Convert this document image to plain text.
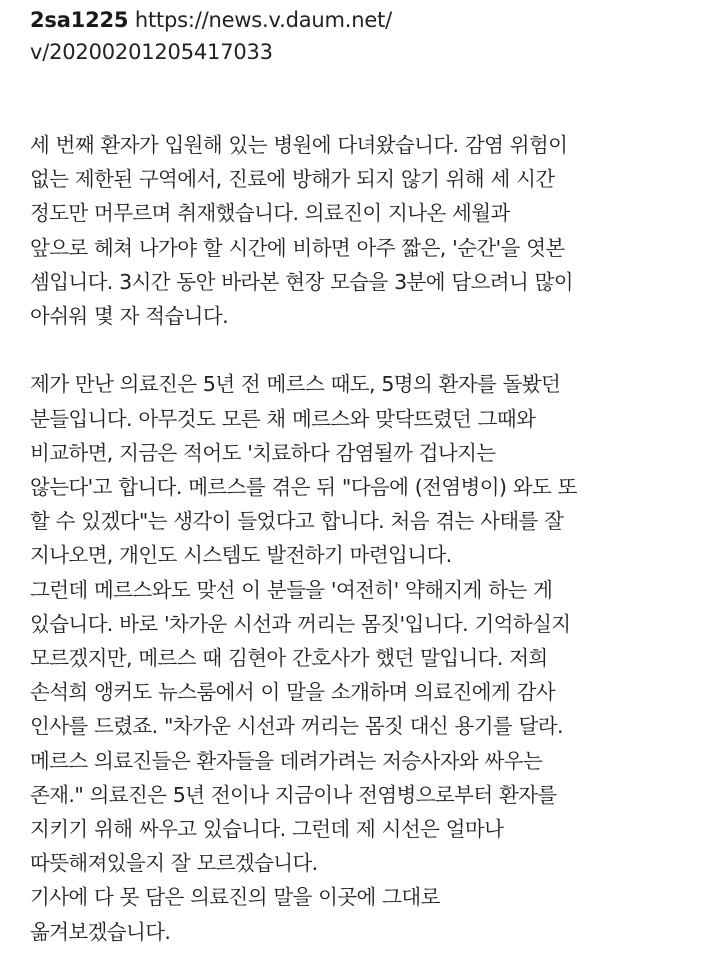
2sa1225 https://news.v.daum.net/
v/20200201205417033
세 번째 환자가 입원해 있는 병원에 다녀왔습니다. 감염 위험이
없는 제한된 구역에서, 진료에 방해가 되지 않기 위해 세 시간
정도만 머무르며 취재했습니다. 의료진이 지나온 세월과
앞으로 헤쳐 나가야 할 시간에 비하면 아주 짧은, '순간'을 엿본
셈입니다. 3시간 동안 바라본 현장 모습을 3분에 담으려니 많이
아쉬워 몇 자 적습니다.
제가 만난 의료진은 5년 전 메르스 때도, 5명의 환자를 돌봤던
분들입니다. 아무것도 모른 채 메르스와 맞닥뜨렸던 그때와
비교하면, 지금은 적어도 '치료하다 감염될까 겁나지는
않는다'고 합니다. 메르스를 겪은 뒤 "다음에 (전염병이) 와도 또
할 수 있겠다"는 생각이 들었다고 합니다. 처음 겪는 사태를 잘
지나오면, 개인도 시스템도 발전하기 마련입니다.
그런데 메르스와도 맞선 이 분들을 '여전히' 약해지게 하는 게
있습니다. 바로 '차가운 시선과 꺼리는 몸짓'입니다. 기억하실지
모르겠지만, 메르스 때 김현아 간호사가 했던 말입니다. 저희
손석희 앵커도 뉴스룸에서 이 말을 소개하며 의료진에게 감사
인사를 드렸죠. "차가운 시선과 꺼리는 몸짓 대신 용기를 달라.
메르스 의료진들은 환자들을 데려가려는 저승사자와 싸우는
존재." 의료진은 5년 전이나 지금이나 전염병으로부터 환자를
지키기 위해 싸우고 있습니다. 그런데 제 시선은 얼마나
따뜻해져있을지 잘 모르겠습니다.
기사에 다 못 담은 의료진의 말을 이곳에 그대로
옮겨보겠습니다.
